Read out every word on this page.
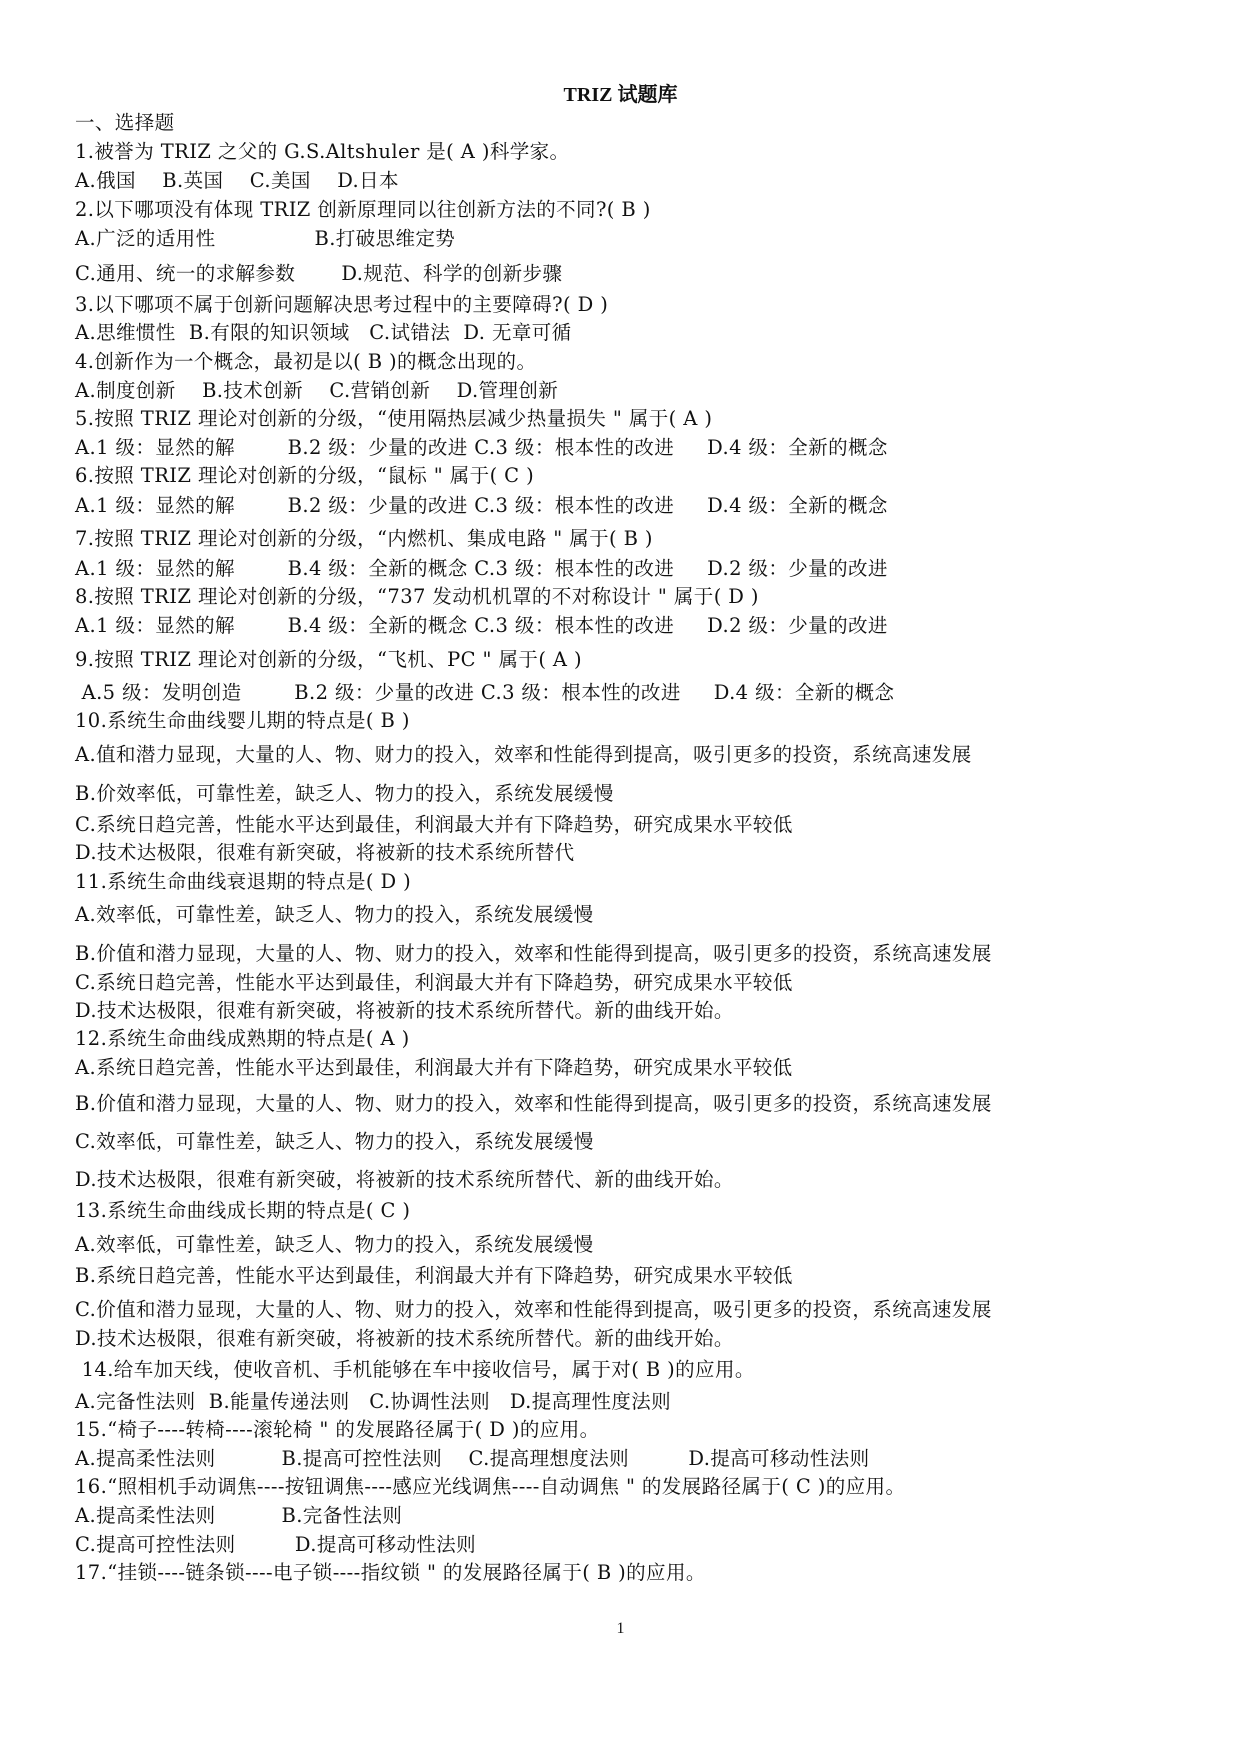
TRIZ 试题库
一、选择题
1.被誉为 TRIZ 之父的 G.S.Altshuler 是( A )科学家。
A.俄国    B.英国    C.美国    D.日本
2.以下哪项没有体现 TRIZ 创新原理同以往创新方法的不同?( B )
A.广泛的适用性               B.打破思维定势
C.通用、统一的求解参数       D.规范、科学的创新步骤
3.以下哪项不属于创新问题解决思考过程中的主要障碍?( D )
A.思维惯性  B.有限的知识领域   C.试错法  D. 无章可循
4.创新作为一个概念，最初是以( B )的概念出现的。
A.制度创新    B.技术创新    C.营销创新    D.管理创新
5.按照 TRIZ 理论对创新的分级，“使用隔热层减少热量损失 " 属于( A )
A.1 级：显然的解        B.2 级：少量的改进 C.3 级：根本性的改进     D.4 级：全新的概念
6.按照 TRIZ 理论对创新的分级，“鼠标 " 属于( C )
A.1 级：显然的解        B.2 级：少量的改进 C.3 级：根本性的改进     D.4 级：全新的概念
7.按照 TRIZ 理论对创新的分级，“内燃机、集成电路 " 属于( B )
A.1 级：显然的解        B.4 级：全新的概念 C.3 级：根本性的改进     D.2 级：少量的改进
8.按照 TRIZ 理论对创新的分级，“737 发动机机罩的不对称设计 " 属于( D )
A.1 级：显然的解        B.4 级：全新的概念 C.3 级：根本性的改进     D.2 级：少量的改进
9.按照 TRIZ 理论对创新的分级，“飞机、PC " 属于( A )
A.5 级：发明创造        B.2 级：少量的改进 C.3 级：根本性的改进     D.4 级：全新的概念
10.系统生命曲线婴儿期的特点是( B )
A.值和潜力显现，大量的人、物、财力的投入，效率和性能得到提高，吸引更多的投资，系统高速发展
B.价效率低，可靠性差，缺乏人、物力的投入，系统发展缓慢
C.系统日趋完善，性能水平达到最佳，利润最大并有下降趋势，研究成果水平较低
D.技术达极限，很难有新突破，将被新的技术系统所替代
11.系统生命曲线衰退期的特点是( D )
A.效率低，可靠性差，缺乏人、物力的投入，系统发展缓慢
B.价值和潜力显现，大量的人、物、财力的投入，效率和性能得到提高，吸引更多的投资，系统高速发展
C.系统日趋完善，性能水平达到最佳，利润最大并有下降趋势，研究成果水平较低
D.技术达极限，很难有新突破，将被新的技术系统所替代。新的曲线开始。
12.系统生命曲线成熟期的特点是( A )
A.系统日趋完善，性能水平达到最佳，利润最大并有下降趋势，研究成果水平较低
B.价值和潜力显现，大量的人、物、财力的投入，效率和性能得到提高，吸引更多的投资，系统高速发展
C.效率低，可靠性差，缺乏人、物力的投入，系统发展缓慢
D.技术达极限，很难有新突破，将被新的技术系统所替代、新的曲线开始。
13.系统生命曲线成长期的特点是( C )
A.效率低，可靠性差，缺乏人、物力的投入，系统发展缓慢
B.系统日趋完善，性能水平达到最佳，利润最大并有下降趋势，研究成果水平较低
C.价值和潜力显现，大量的人、物、财力的投入，效率和性能得到提高，吸引更多的投资，系统高速发展
D.技术达极限，很难有新突破，将被新的技术系统所替代。新的曲线开始。
14.给车加天线，使收音机、手机能够在车中接收信号，属于对( B )的应用。
A.完备性法则  B.能量传递法则   C.协调性法则   D.提高理性度法则
15.“椅子----转椅----滚轮椅 " 的发展路径属于( D )的应用。
A.提高柔性法则          B.提高可控性法则    C.提高理想度法则         D.提高可移动性法则
16.“照相机手动调焦----按钮调焦----感应光线调焦----自动调焦 " 的发展路径属于( C )的应用。
A.提高柔性法则          B.完备性法则
C.提高可控性法则         D.提高可移动性法则
17.“挂锁----链条锁----电子锁----指纹锁 " 的发展路径属于( B )的应用。
1
